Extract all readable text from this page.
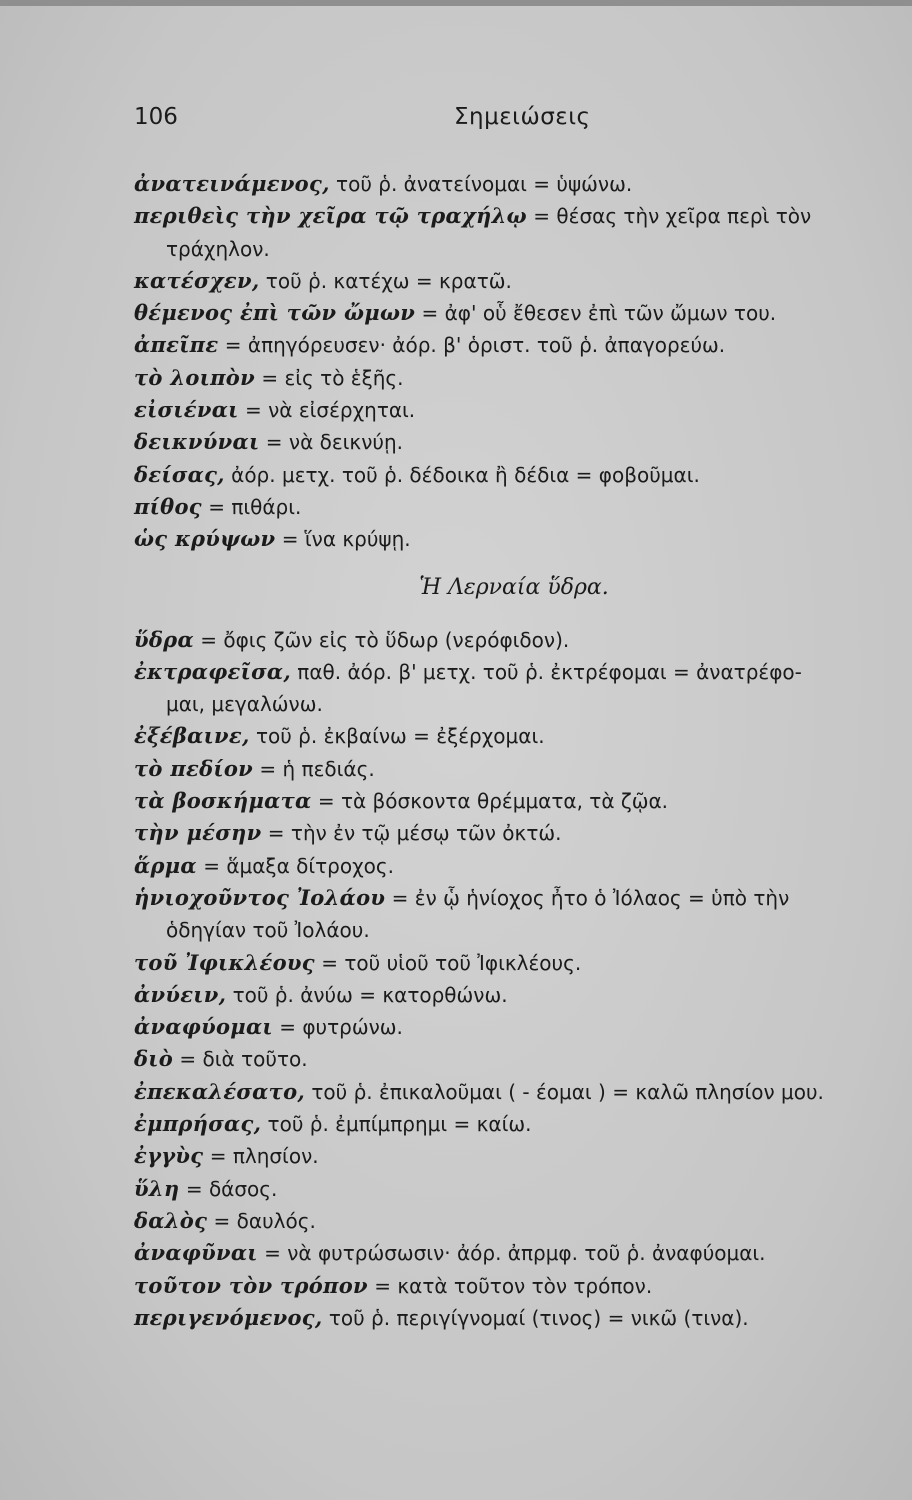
106	Σημειώσεις
ἀνατεινάμενος, τοῦ ῥ. ἀνατείνομαι = ὑψώνω.
περιθεὶς τὴν χεῖρα τῷ τραχήλῳ = θέσας τὴν χεῖρα περὶ τὸν
τράχηλον.
κατέσχεν, τοῦ ῥ. κατέχω = κρατῶ.
θέμενος ἐπὶ τῶν ὤμων = ἀφ' οὗ ἔθεσεν ἐπὶ τῶν ὤμων του.
ἀπεῖπε = ἀπηγόρευσεν· ἀόρ. β' ὁριστ. τοῦ ῥ. ἀπαγορεύω.
τὸ λοιπὸν = εἰς τὸ ἑξῆς.
εἰσιέναι = νὰ εἰσέρχηται.
δεικνύναι = νὰ δεικνύῃ.
δείσας, ἀόρ. μετχ. τοῦ ῥ. δέδοικα ἢ δέδια = φοβοῦμαι.
πίθος = πιθάρι.
ὡς κρύψων = ἵνα κρύψῃ.
Ἡ Λερναία ὕδρα.
ὕδρα = ὄφις ζῶν εἰς τὸ ὕδωρ (νερόφιδον).
ἐκτραφεῖσα, παθ. ἀόρ. β' μετχ. τοῦ ῥ. ἐκτρέφομαι = ἀνατρέφο-
μαι, μεγαλώνω.
ἐξέβαινε, τοῦ ῥ. ἐκβαίνω = ἐξέρχομαι.
τὸ πεδίον = ἡ πεδιάς.
τὰ βοσκήματα = τὰ βόσκοντα θρέμματα, τὰ ζῷα.
τὴν μέσην = τὴν ἐν τῷ μέσῳ τῶν ὀκτώ.
ἅρμα = ἅμαξα δίτροχος.
ἡνιοχοῦντος Ἰολάου = ἐν ᾧ ἡνίοχος ἦτο ὁ Ἰόλαος = ὑπὸ τὴν
ὁδηγίαν τοῦ Ἰολάου.
τοῦ Ἰφικλέους = τοῦ υἱοῦ τοῦ Ἰφικλέους.
ἀνύειν, τοῦ ῥ. ἀνύω = κατορθώνω.
ἀναφύομαι = φυτρώνω.
διὸ = διὰ τοῦτο.
ἐπεκαλέσατο, τοῦ ῥ. ἐπικαλοῦμαι ( - έομαι ) = καλῶ πλησίον μου.
ἐμπρήσας, τοῦ ῥ. ἐμπίμπρημι = καίω.
ἐγγὺς = πλησίον.
ὕλη = δάσος.
δαλὸς = δαυλός.
ἀναφῦναι = νὰ φυτρώσωσιν· ἀόρ. ἀπρμφ. τοῦ ῥ. ἀναφύομαι.
τοῦτον τὸν τρόπον = κατὰ τοῦτον τὸν τρόπον.
περιγενόμενος, τοῦ ῥ. περιγίγνομαί (τινος) = νικῶ (τινα).
